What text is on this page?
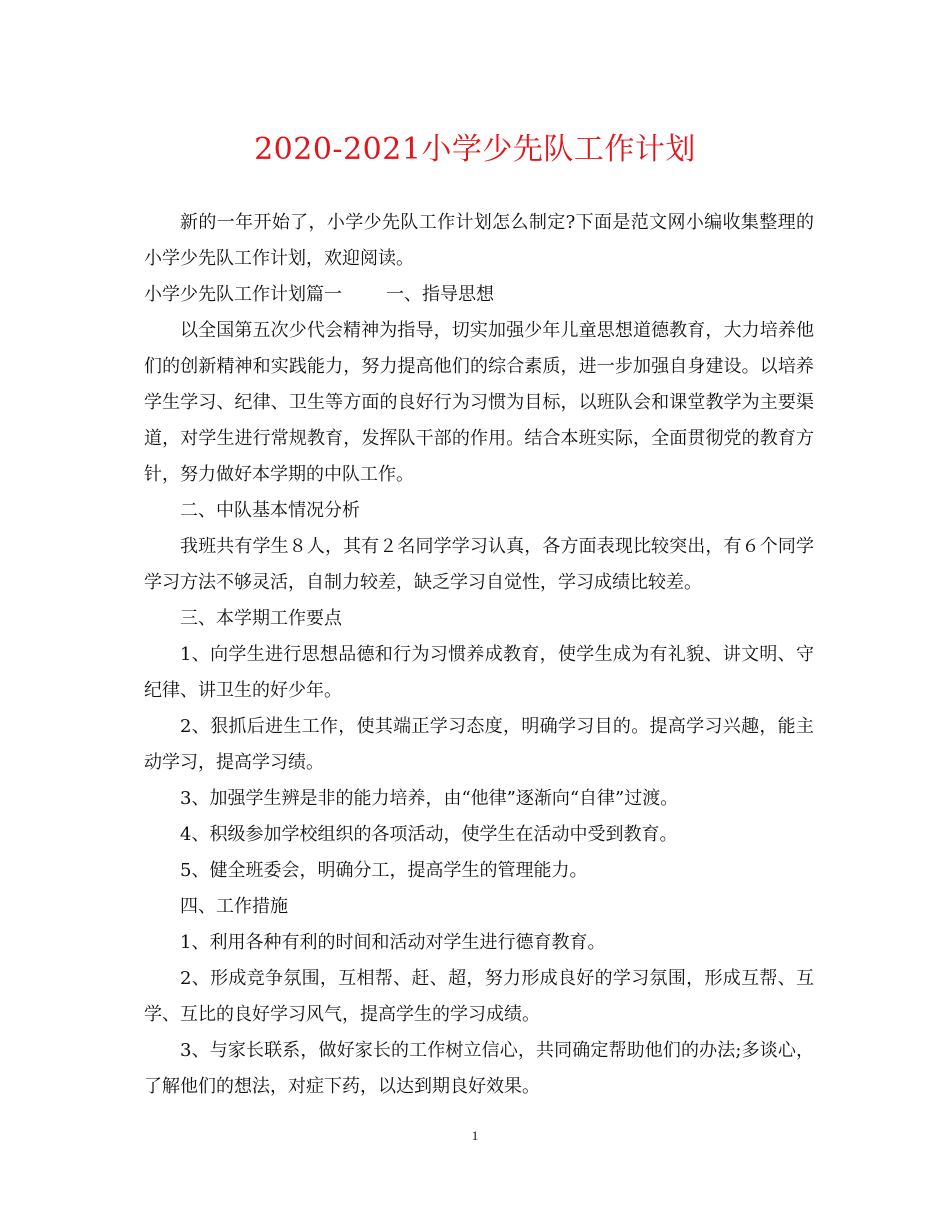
2020-2021小学少先队工作计划

新的一年开始了，小学少先队工作计划怎么制定?下面是范文网小编收集整理的小学少先队工作计划，欢迎阅读。

小学少先队工作计划篇一 一、指导思想

以全国第五次少代会精神为指导，切实加强少年儿童思想道德教育，大力培养他们的创新精神和实践能力，努力提高他们的综合素质，进一步加强自身建设。以培养学生学习、纪律、卫生等方面的良好行为习惯为目标，以班队会和课堂教学为主要渠道，对学生进行常规教育，发挥队干部的作用。结合本班实际，全面贯彻党的教育方针，努力做好本学期的中队工作。

二、中队基本情况分析

我班共有学生８人，其有２名同学学习认真，各方面表现比较突出，有６个同学学习方法不够灵活，自制力较差，缺乏学习自觉性，学习成绩比较差。

三、本学期工作要点

1、向学生进行思想品德和行为习惯养成教育，使学生成为有礼貌、讲文明、守纪律、讲卫生的好少年。

2、狠抓后进生工作，使其端正学习态度，明确学习目的。提高学习兴趣，能主动学习，提高学习绩。

3、加强学生辨是非的能力培养，由“他律”逐渐向“自律”过渡。

4、积级参加学校组织的各项活动，使学生在活动中受到教育。

5、健全班委会，明确分工，提高学生的管理能力。

四、工作措施

1、利用各种有利的时间和活动对学生进行德育教育。

2、形成竞争氛围，互相帮、赶、超，努力形成良好的学习氛围，形成互帮、互学、互比的良好学习风气，提高学生的学习成绩。

3、与家长联系，做好家长的工作树立信心，共同确定帮助他们的办法;多谈心，了解他们的想法，对症下药，以达到期良好效果。

1
